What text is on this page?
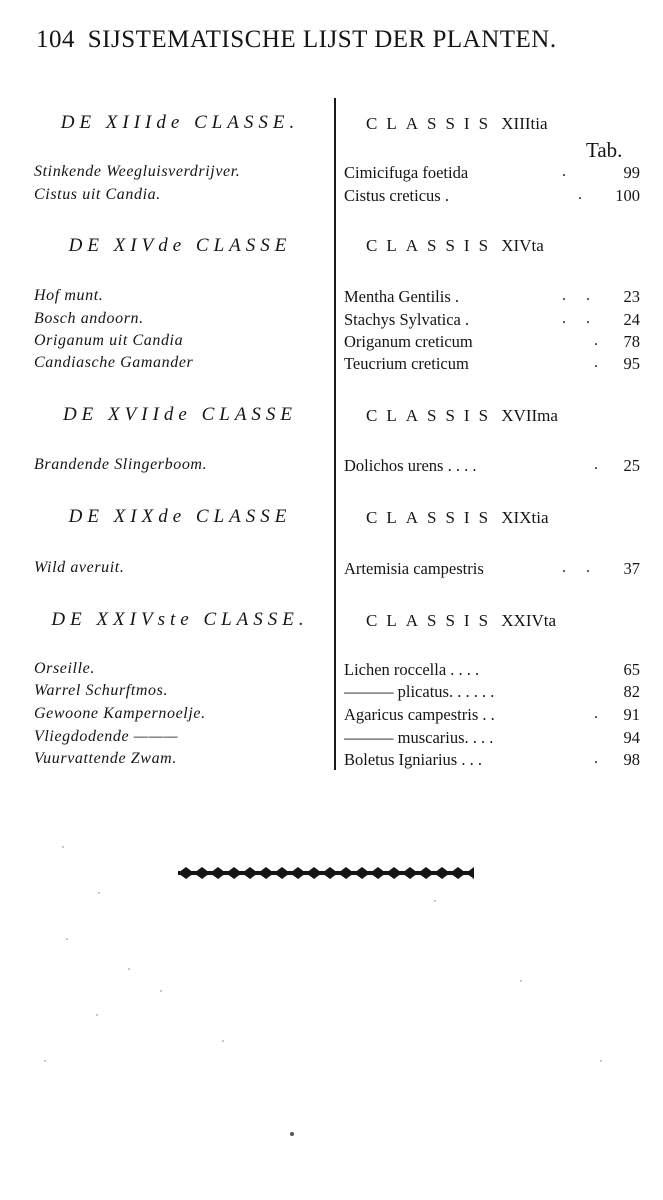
104 SIJSTEMATISCHE LIJST DER PLANTEN.
Tab.
DE XIIIde CLASSE.	CLASSIS XIIItia
Stinkende Weegluisverdrijver.	Cimicifuga foetida	.	99
Cistus uit Candia.	Cistus creticus .	.	100
DE XIVde CLASSE	CLASSIS XIVta
Hof munt.	Mentha Gentilis .	. .	23
Bosch andoorn.	Stachys Sylvatica .	. .	24
Origanum uit Candia	Origanum creticum	.	78
Candiasche Gamander	Teucrium creticum	.	95
DE XVIIde CLASSE	CLASSIS XVIIma
Brandende Slingerboom.	Dolichos urens . . . .	.	25
DE XIXde CLASSE	CLASSIS XIXtia
Wild averuit.	Artemisia campestris	. .	37
DE XXIVste CLASSE.	CLASSIS XXIVta
Orseille.	Lichen roccella . . . .	65
Warrel Schurftmos.	——— plicatus. . . . . .	82
Gewoone Kampernoelje.	Agaricus campestris . .	.	91
Vliegdodende ———	——— muscarius. . . .	94
Vuurvattende Zwam.	Boletus Igniarius . . .	.	98
